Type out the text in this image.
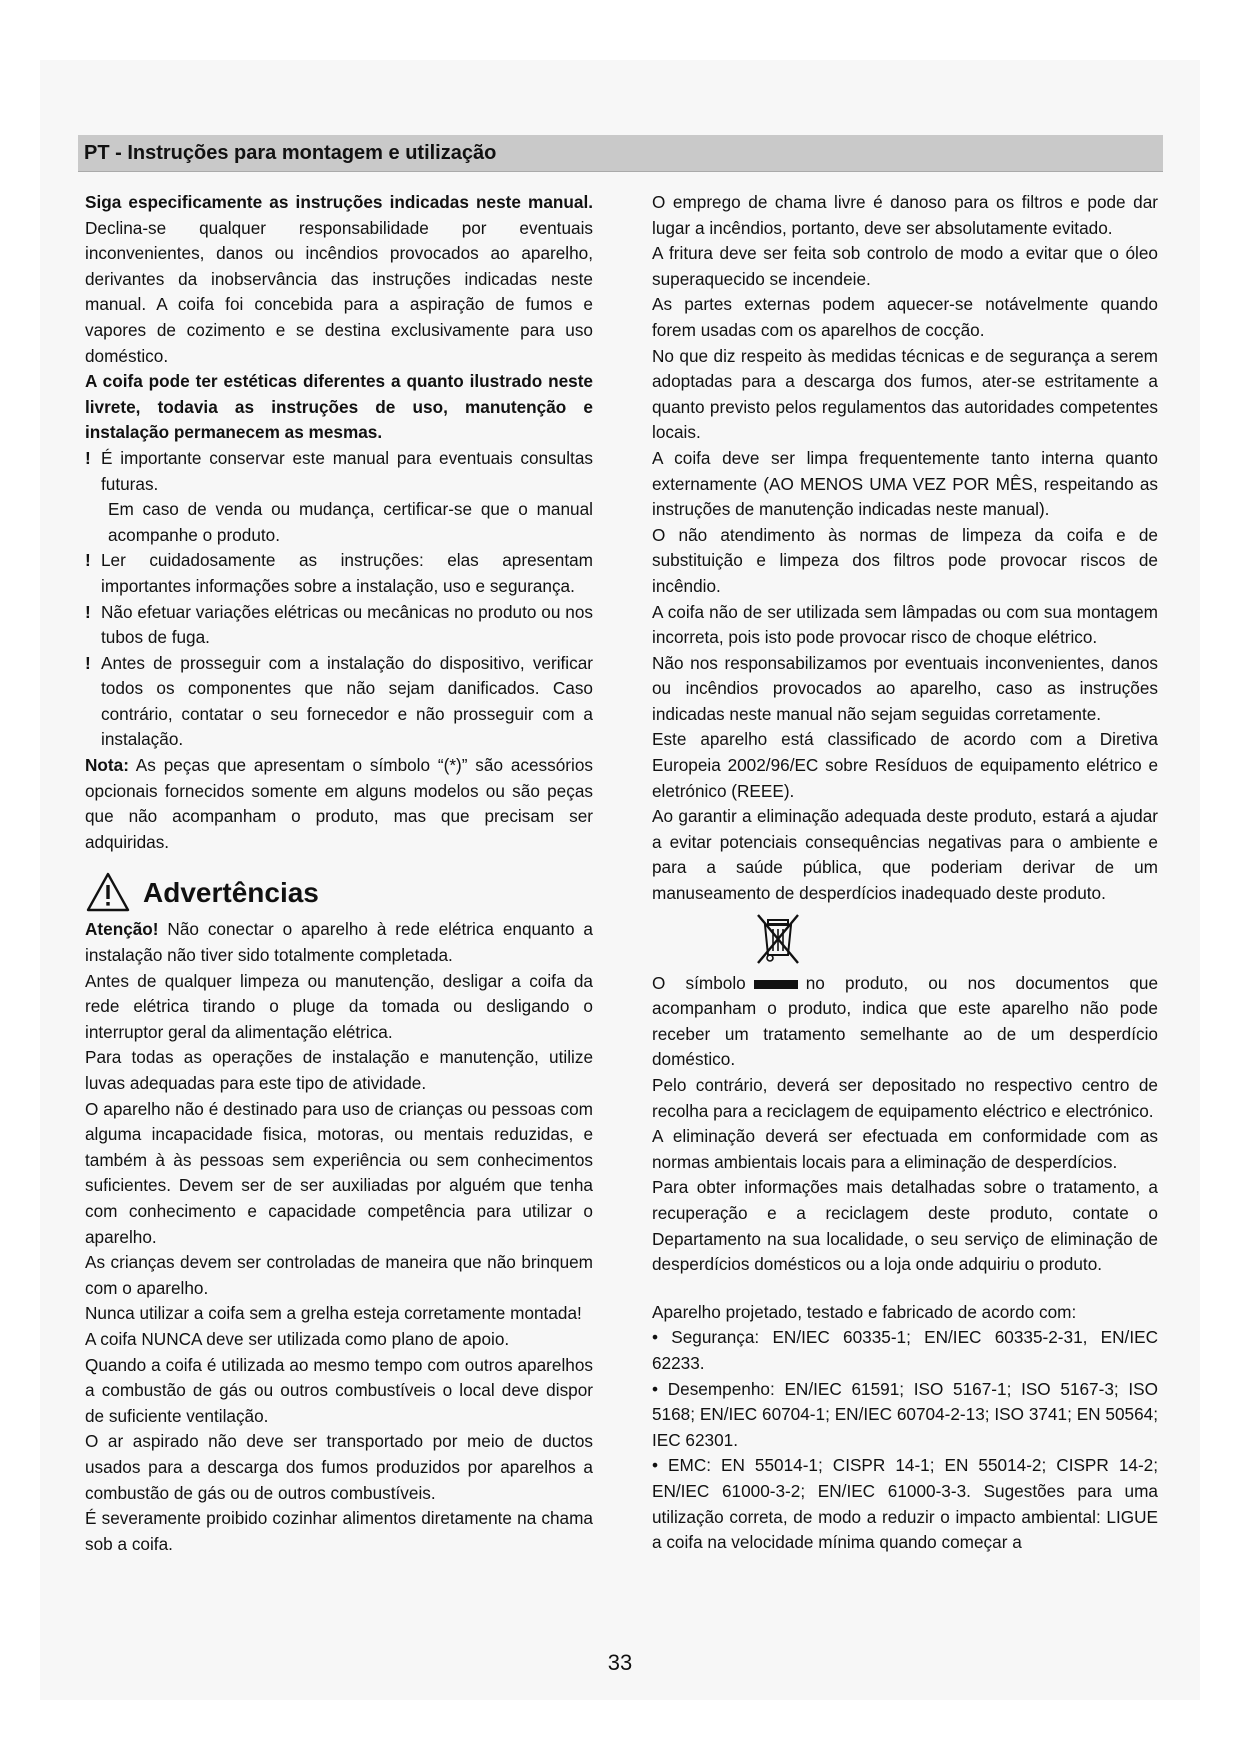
PT - Instruções para montagem e utilização

Siga especificamente as instruções indicadas neste manual. Declina-se qualquer responsabilidade por eventuais inconvenientes, danos ou incêndios provocados ao aparelho, derivantes da inobservância das instruções indicadas neste manual. A coifa foi concebida para a aspiração de fumos e vapores de cozimento e se destina exclusivamente para uso doméstico.

A coifa pode ter estéticas diferentes a quanto ilustrado neste livrete, todavia as instruções de uso, manutenção e instalação permanecem as mesmas.

! É importante conservar este manual para eventuais consultas futuras.

Em caso de venda ou mudança, certificar-se que o manual acompanhe o produto.

! Ler cuidadosamente as instruções: elas apresentam importantes informações sobre a instalação, uso e segurança.

! Não efetuar variações elétricas ou mecânicas no produto ou nos tubos de fuga.

! Antes de prosseguir com a instalação do dispositivo, verificar todos os componentes que não sejam danificados. Caso contrário, contatar o seu fornecedor e não prosseguir com a instalação.

Nota: As peças que apresentam o símbolo “(*)” são acessórios opcionais fornecidos somente em alguns modelos ou são peças que não acompanham o produto, mas que precisam ser adquiridas.

Advertências

Atenção! Não conectar o aparelho à rede elétrica enquanto a instalação não tiver sido totalmente completada.

Antes de qualquer limpeza ou manutenção, desligar a coifa da rede elétrica tirando o pluge da tomada ou desligando o interruptor geral da alimentação elétrica.

Para todas as operações de instalação e manutenção, utilize luvas adequadas para este tipo de atividade.

O aparelho não é destinado para uso de crianças ou pessoas com alguma incapacidade fisica, motoras, ou mentais reduzidas, e também à às pessoas sem experiência ou sem conhecimentos suficientes. Devem ser de ser auxiliadas por alguém que tenha com conhecimento e capacidade competência para utilizar o aparelho.

As crianças devem ser controladas de maneira que não brinquem com o aparelho.

Nunca utilizar a coifa sem a grelha esteja corretamente montada!

A coifa NUNCA deve ser utilizada como plano de apoio.

Quando a coifa é utilizada ao mesmo tempo com outros aparelhos a combustão de gás ou outros combustíveis o local deve dispor de suficiente ventilação.

O ar aspirado não deve ser transportado por meio de ductos usados para a descarga dos fumos produzidos por aparelhos a combustão de gás ou de outros combustíveis.

É severamente proibido cozinhar alimentos diretamente na chama sob a coifa.

O emprego de chama livre é danoso para os filtros e pode dar lugar a incêndios, portanto, deve ser absolutamente evitado.

A fritura deve ser feita sob controlo de modo a evitar que o óleo superaquecido se incendeie.

As partes externas podem aquecer-se notávelmente quando forem usadas com os aparelhos de cocção.

No que diz respeito às medidas técnicas e de segurança a serem adoptadas para a descarga dos fumos, ater-se estritamente a quanto previsto pelos regulamentos das autoridades competentes locais.

A coifa deve ser limpa frequentemente tanto interna quanto externamente (AO MENOS UMA VEZ POR MÊS, respeitando as instruções de manutenção indicadas neste manual).

O não atendimento às normas de limpeza da coifa e de substituição e limpeza dos filtros pode provocar riscos de incêndio.

A coifa não de ser utilizada sem lâmpadas ou com sua montagem incorreta, pois isto pode provocar risco de choque elétrico.

Não nos responsabilizamos por eventuais inconvenientes, danos ou incêndios provocados ao aparelho, caso as instruções indicadas neste manual não sejam seguidas corretamente.

Este aparelho está classificado de acordo com a Diretiva Europeia 2002/96/EC sobre Resíduos de equipamento elétrico e eletrónico (REEE).

Ao garantir a eliminação adequada deste produto, estará a ajudar a evitar potenciais consequências negativas para o ambiente e para a saúde pública, que poderiam derivar de um manuseamento de desperdícios inadequado deste produto.

O símbolo	no produto, ou nos documentos que acompanham o produto, indica que este aparelho não pode receber um tratamento semelhante ao de um desperdício doméstico.

Pelo contrário, deverá ser depositado no respectivo centro de recolha para a reciclagem de equipamento eléctrico e electrónico.

A eliminação deverá ser efectuada em conformidade com as normas ambientais locais para a eliminação de desperdícios.

Para obter informações mais detalhadas sobre o tratamento, a recuperação e a reciclagem deste produto, contate o Departamento na sua localidade, o seu serviço de eliminação de desperdícios domésticos ou a loja onde adquiriu o produto.

Aparelho projetado, testado e fabricado de acordo com:

• Segurança: EN/IEC 60335-1; EN/IEC 60335-2-31, EN/IEC 62233.

• Desempenho: EN/IEC 61591; ISO 5167-1; ISO 5167-3; ISO 5168; EN/IEC 60704-1; EN/IEC 60704-2-13; ISO 3741; EN 50564; IEC 62301.

• EMC: EN 55014-1; CISPR 14-1; EN 55014-2; CISPR 14-2; EN/IEC 61000-3-2; EN/IEC 61000-3-3. Sugestões para uma utilização correta, de modo a reduzir o impacto ambiental: LIGUE a coifa na velocidade mínima quando começar a

33
